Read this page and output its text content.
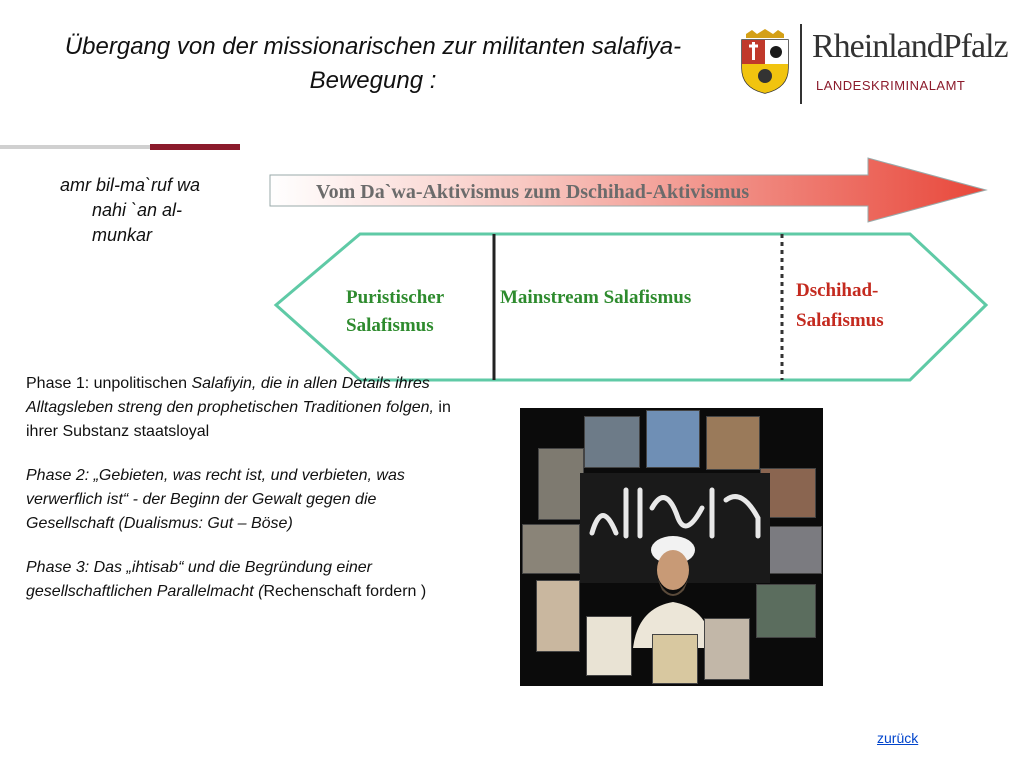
Übergang von der missionarischen zur militanten salafiya-Bewegung :
RheinlandPfalz
LANDESKRIMINALAMT
amr bil-ma`ruf wa
nahi `an al-
munkar
Vom Da`wa-Aktivismus zum Dschihad-Aktivismus
Puristischer
Salafismus
Mainstream Salafismus	Dschihad-
Salafismus

Phase 1: unpolitischen Salafiyin, die in allen Details ihres Alltagsleben streng den prophetischen Traditionen folgen, in ihrer Substanz staatsloyal

Phase 2: „Gebieten, was recht ist, und verbieten, was verwerflich ist“ - der Beginn der Gewalt gegen die Gesellschaft (Dualismus: Gut – Böse)

Phase 3: Das „ihtisab“ und die Begründung einer gesellschaftlichen Parallelmacht (Rechenschaft fordern )

zurück
